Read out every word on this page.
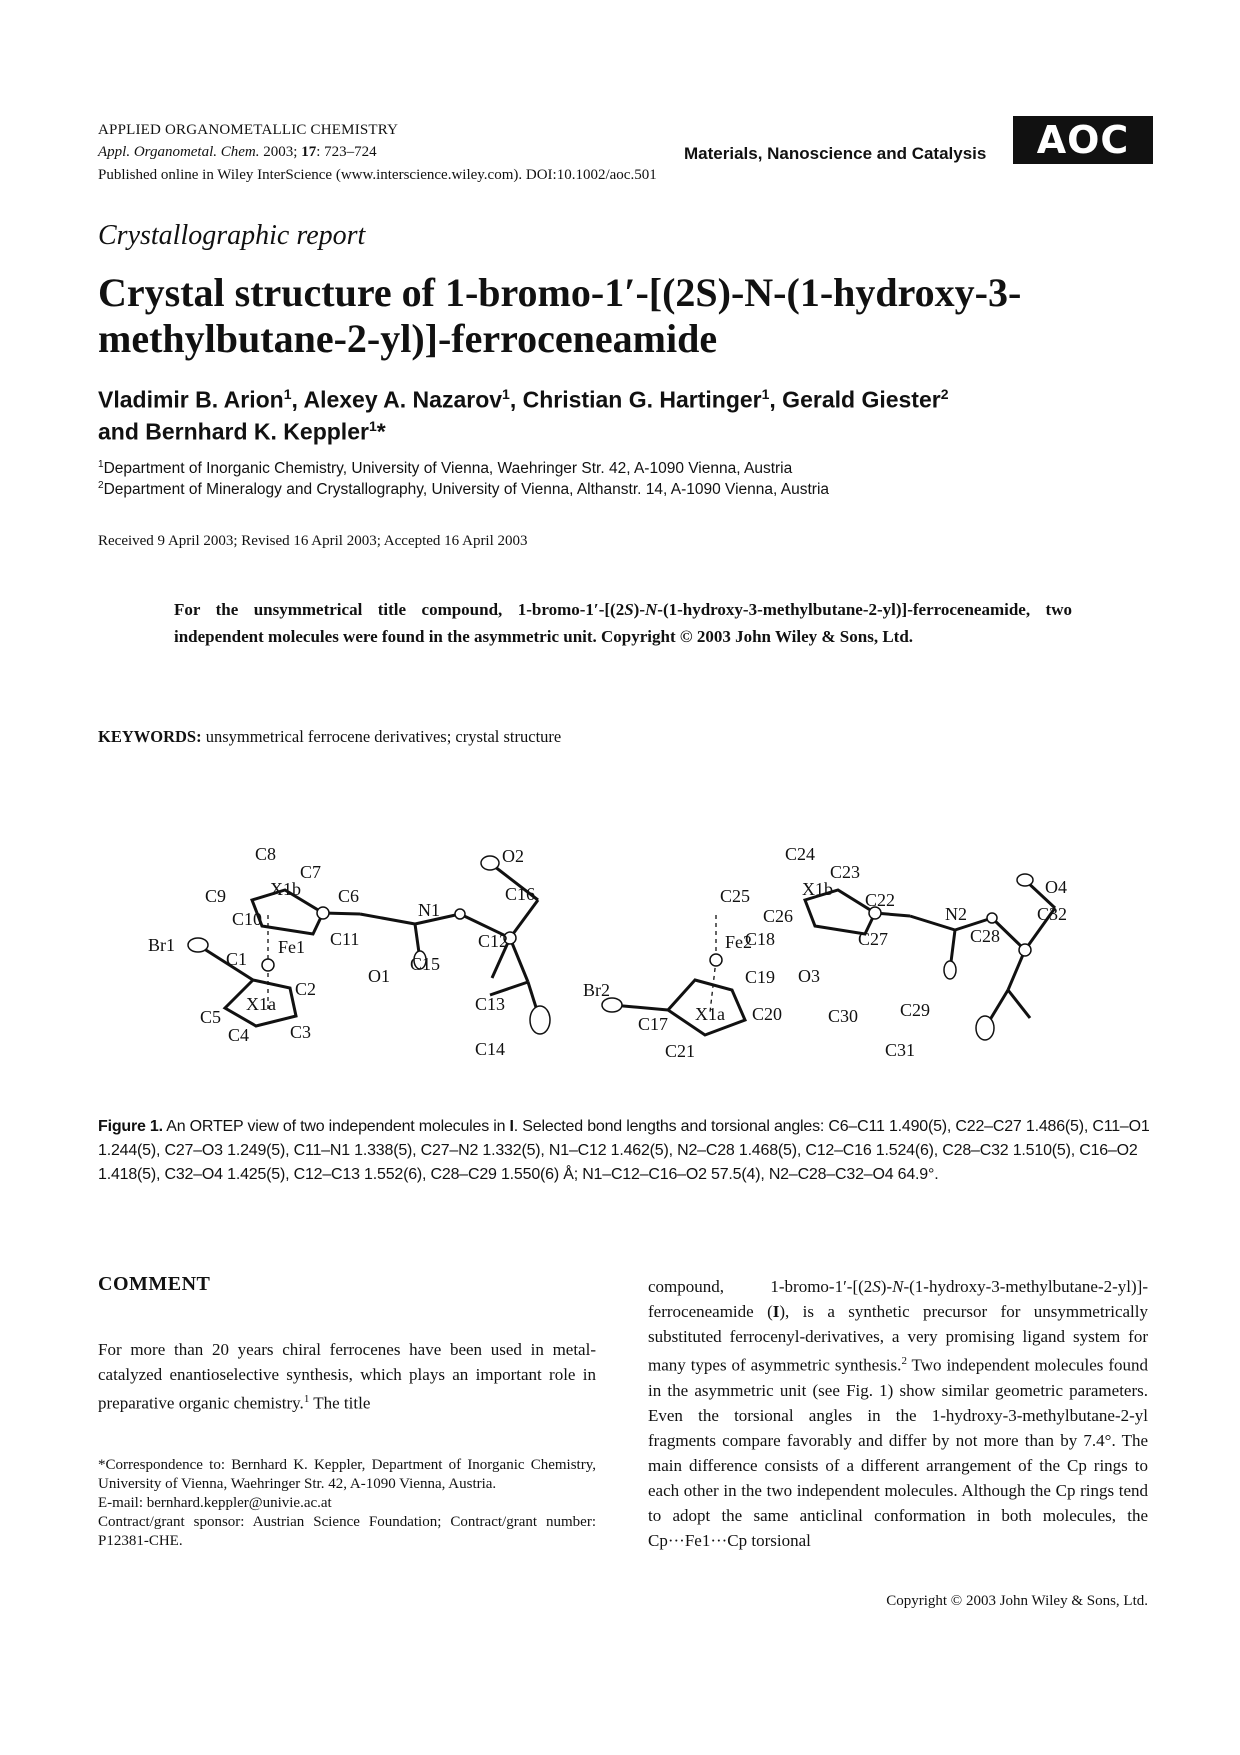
APPLIED ORGANOMETALLIC CHEMISTRY
Appl. Organometal. Chem. 2003; 17: 723–724
Published online in Wiley InterScience (www.interscience.wiley.com). DOI:10.1002/aoc.501
Materials, Nanoscience and Catalysis	AOC
Crystallographic report
Crystal structure of 1-bromo-1′-[(2S)-N-(1-hydroxy-3-
methylbutane-2-yl)]-ferroceneamide
Vladimir B. Arion$^1$, Alexey A. Nazarov$^1$, Christian G. Hartinger$^1$, Gerald Giester$^2$
and Bernhard K. Keppler$^1$*
$^1$Department of Inorganic Chemistry, University of Vienna, Waehringer Str. 42, A-1090 Vienna, Austria
$^2$Department of Mineralogy and Crystallography, University of Vienna, Althanstr. 14, A-1090 Vienna, Austria
Received 9 April 2003; Revised 16 April 2003; Accepted 16 April 2003
For the unsymmetrical title compound, 1-bromo-1′-[(2S)-N-(1-hydroxy-3-methylbutane-2-yl)]-ferroceneamide, two independent molecules were found in the asymmetric unit. Copyright © 2003 John Wiley & Sons, Ltd.
KEYWORDS: unsymmetrical ferrocene derivatives; crystal structure
C8
C7
X1b C6
C9
C10	N1
C11
Fe1	C12
Br1
C1
O1
C15
C2
C5
X1a	C13
C4 C3
C14
O2
C16
C24
C23
X1b
C22
C25
C26	N2
C27
C18
Fe2	C28
C32
O4
Br2
C19 O3
C17 X1a C20	C30 C29
C21	C31
Figure 1. An ORTEP view of two independent molecules in I. Selected bond lengths and torsional angles: C6–C11 1.490(5), C22–C27 1.486(5), C11–O1 1.244(5), C27–O3 1.249(5), C11–N1 1.338(5), C27–N2 1.332(5), N1–C12 1.462(5), N2–C28 1.468(5), C12–C16 1.524(6), C28–C32 1.510(5), C16–O2 1.418(5), C32–O4 1.425(5), C12–C13 1.552(6), C28–C29 1.550(6) Å; N1–C12–C16–O2 57.5(4), N2–C28–C32–O4 64.9°.
COMMENT
For more than 20 years chiral ferrocenes have been used in metal-catalyzed enantioselective synthesis, which plays an important role in preparative organic chemistry.$^1$ The title
*Correspondence to: Bernhard K. Keppler, Department of Inorganic Chemistry, University of Vienna, Waehringer Str. 42, A-1090 Vienna, Austria.
E-mail: bernhard.keppler@univie.ac.at
Contract/grant sponsor: Austrian Science Foundation; Contract/grant number: P12381-CHE.
compound, 1-bromo-1′-[(2S)-N-(1-hydroxy-3-methylbutane-2-yl)]-ferroceneamide (I), is a synthetic precursor for unsymmetrically substituted ferrocenyl-derivatives, a very promising ligand system for many types of asymmetric synthesis.$^2$ Two independent molecules found in the asymmetric unit (see Fig. 1) show similar geometric parameters. Even the torsional angles in the 1-hydroxy-3-methylbutane-2-yl fragments compare favorably and differ by not more than by 7.4°. The main difference consists of a different arrangement of the Cp rings to each other in the two independent molecules. Although the Cp rings tend to adopt the same anticlinal conformation in both molecules, the Cp···Fe1···Cp torsional
Copyright © 2003 John Wiley & Sons, Ltd.
